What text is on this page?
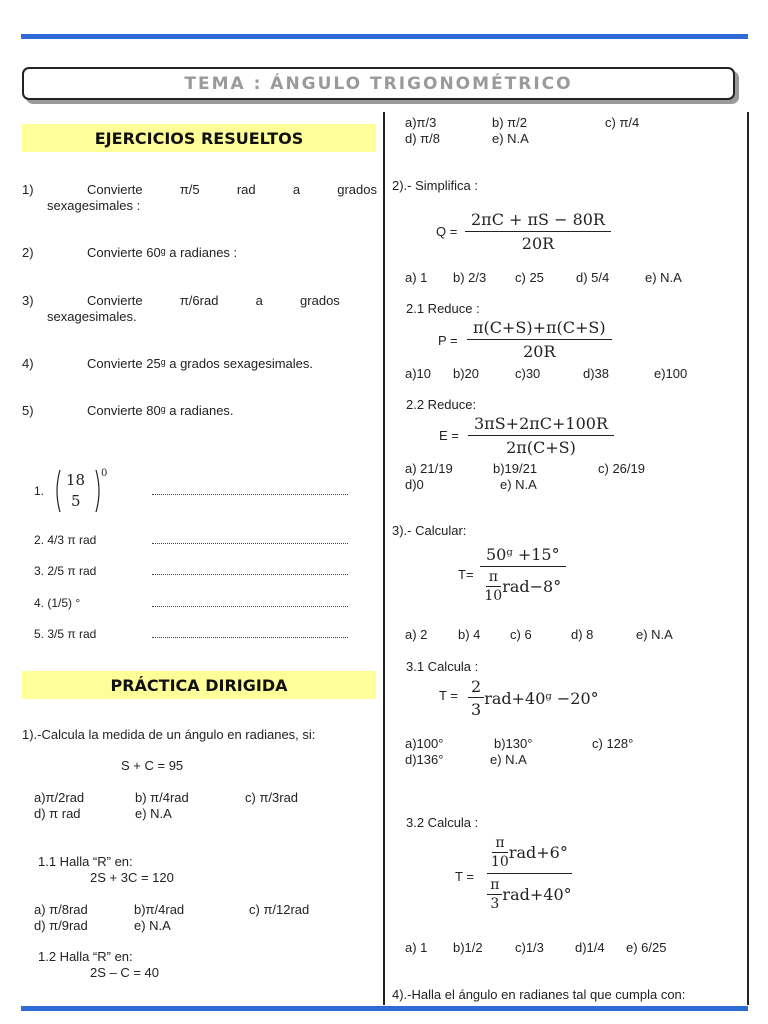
TEMA : ÁNGULO TRIGONOMÉTRICO
EJERCICIOS RESUELTOS
1)	Convierte	π/5	rad	a	grados
sexagesimales :
2)	Convierte 60ᵍ a radianes :
3)	Convierte	π/6rad	a	grados
sexagesimales.
4)	Convierte 25ᵍ a grados sexagesimales.
5)	Convierte 80ᵍ a radianes.
1.
18
5
0
2. 4/3 π rad
3. 2/5 π rad
4. (1/5) °
5. 3/5 π rad
PRÁCTICA DIRIGIDA
1).-Calcula la medida de un ángulo en radianes, si:
S + C = 95
a)π/2rad	b) π/4rad	c) π/3rad
d) π rad	e) N.A
1.1 Halla “R” en:
2S + 3C = 120
a) π/8rad	b)π/4rad	c) π/12rad
d) π/9rad	e) N.A
1.2 Halla “R” en:
2S – C = 40
a)π/3	b) π/2	c) π/4
d) π/8	e) N.A
2).- Simplifica :
$Q = \frac{2\pi C + \pi S - 80R}{20R}$
a) 1 b) 2/3 c) 25 d) 5/4	e) N.A
2.1 Reduce :
$P = \frac{\pi(C+S)+\pi(C+S)}{20R}$
a)10 b)20	c)30	d)38	e)100
2.2 Reduce:
$E = \frac{3\pi S+2\pi C+100R}{2\pi(C+S)}$
a) 21/19	b)19/21	c) 26/19
d)0	e) N.A
3).- Calcular:
$T= \frac{\text{50ᵍ +15°}}{\frac{\pi}{10} rad-8^\circ}$
a) 2 b) 4 c) 6	d) 8	e) N.A
3.1 Calcula :
$T = \frac{2}{3}$ rad+40ᵍ −20°
a)100°	b)130°	c) 128°
d)136°	e) N.A
3.2 Calcula :
$T = \frac{\frac{\pi}{10} rad+6^\circ}{\frac{\pi}{3} rad+40^\circ}$
a) 1 b)1/2 c)1/3 d)1/4 e) 6/25
4).-Halla el ángulo en radianes tal que cumpla con:
